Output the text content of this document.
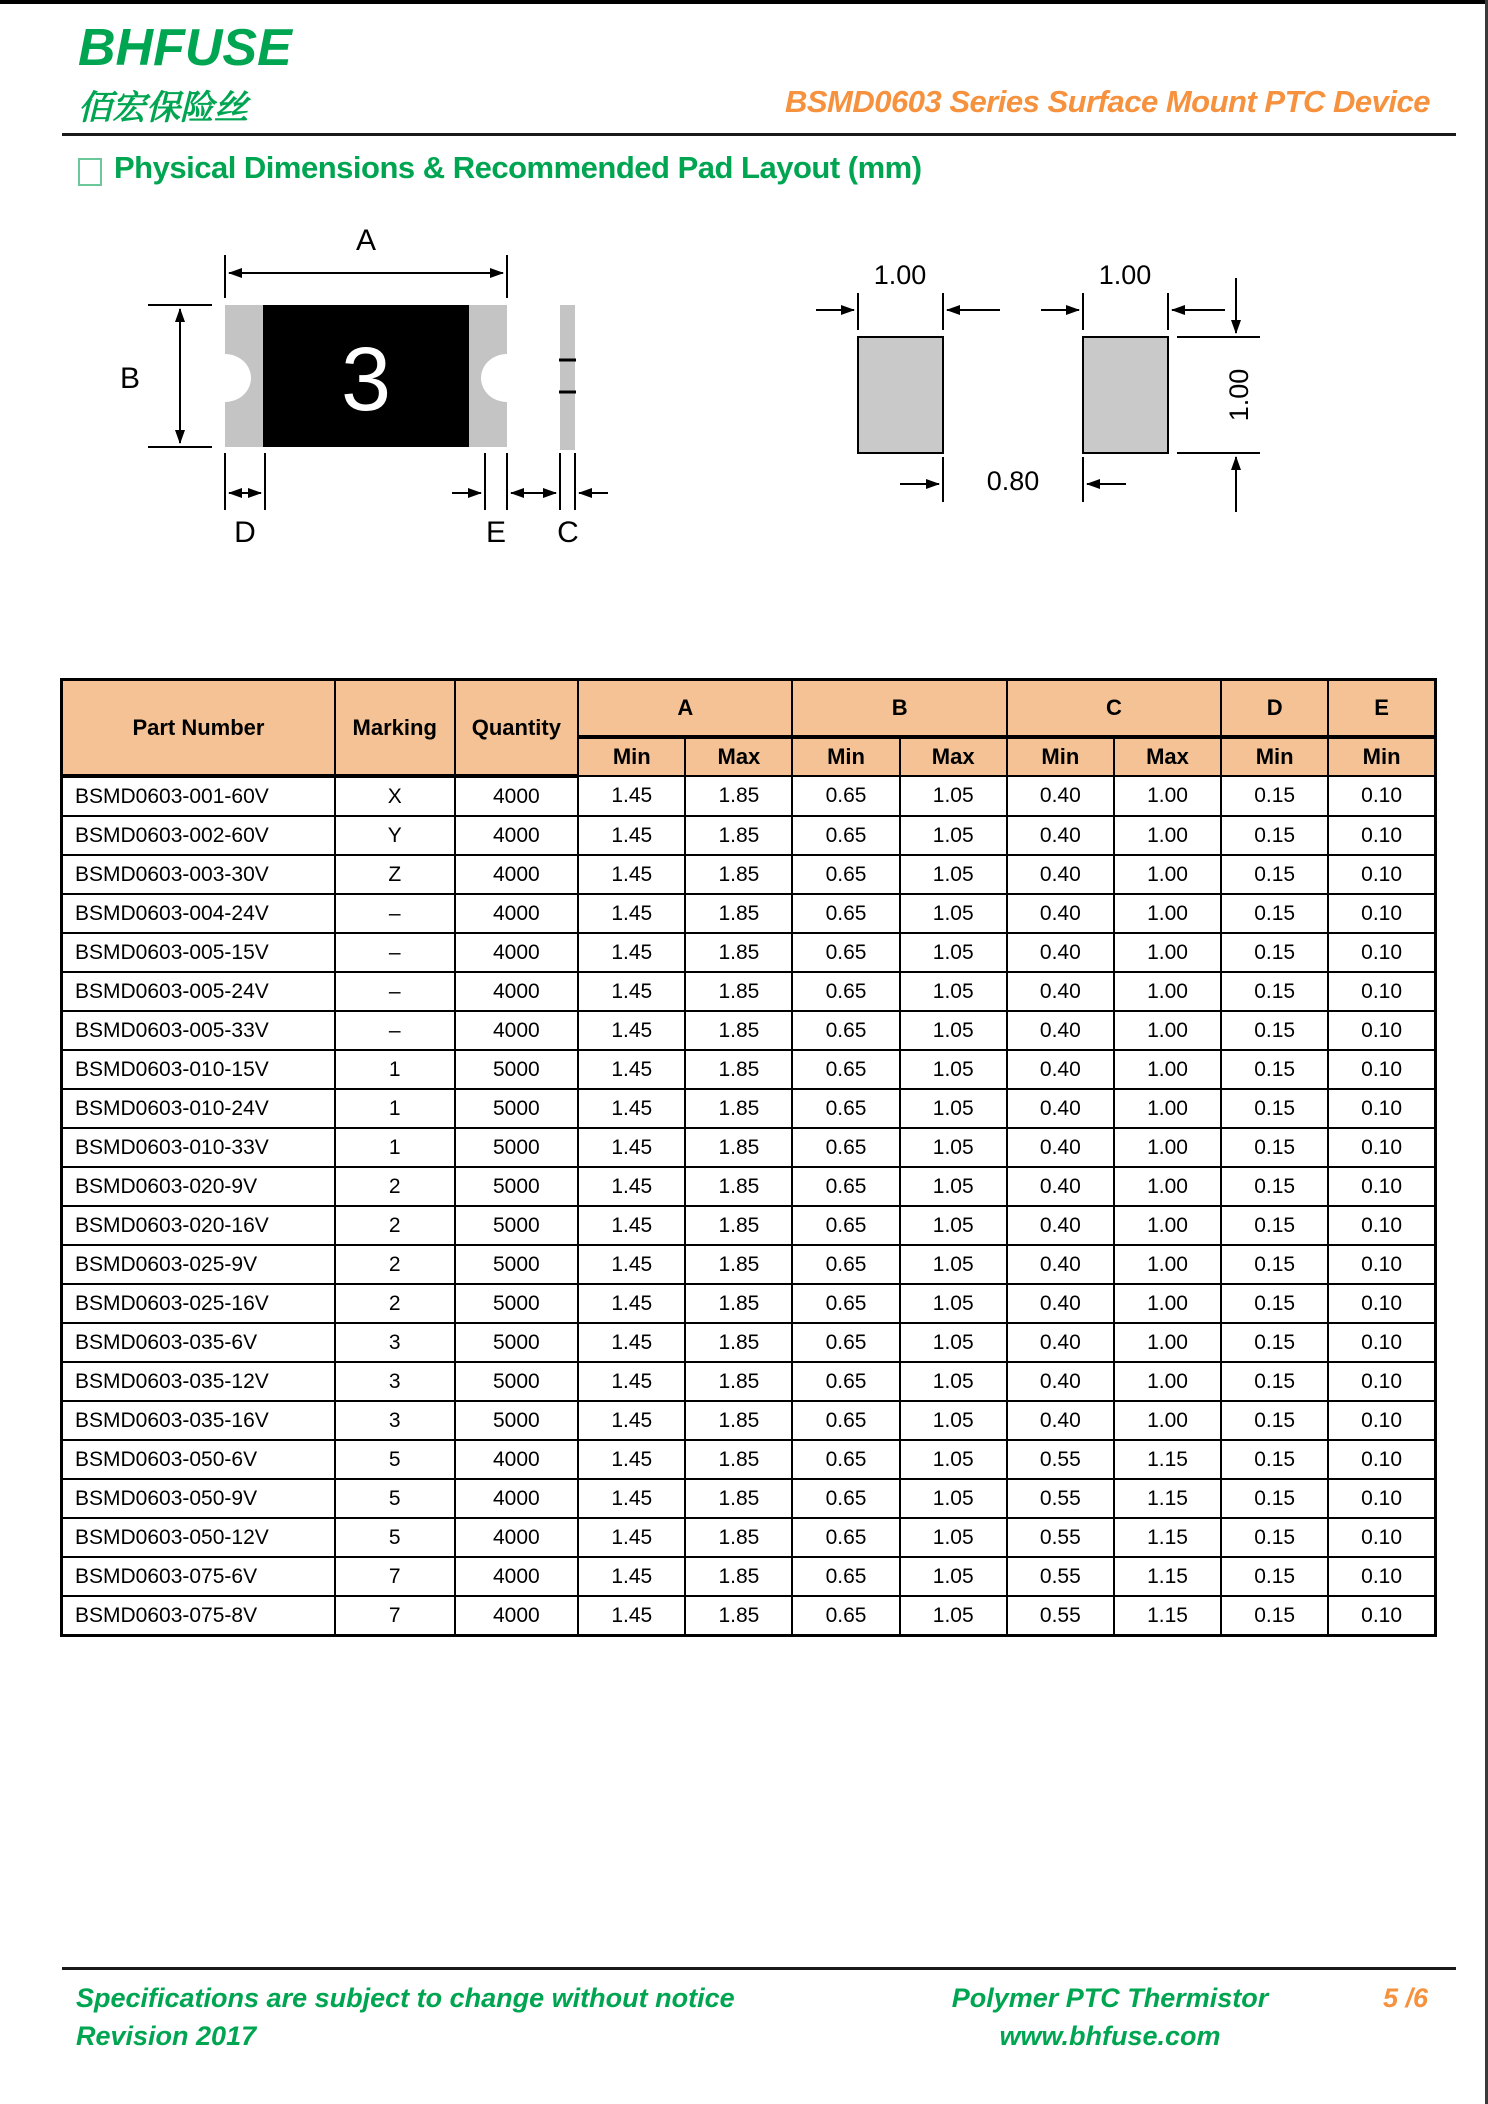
BHFUSE
佰宏保险丝	BSMD0603 Series Surface Mount PTC Device
Physical Dimensions & Recommended Pad Layout (mm)
3
A
B
D	E C
1.00	1.00
1.00
0.80
Part Number	Marking	Quantity	A		B		C		D	E
			Min	Max	Min	Max	Min	Max	Min	Min
BSMD0603-001-60V	X	4000	1.45	1.85	0.65	1.05	0.40	1.00	0.15	0.10
BSMD0603-002-60V	Y	4000	1.45	1.85	0.65	1.05	0.40	1.00	0.15	0.10
BSMD0603-003-30V	Z	4000	1.45	1.85	0.65	1.05	0.40	1.00	0.15	0.10
BSMD0603-004-24V	–	4000	1.45	1.85	0.65	1.05	0.40	1.00	0.15	0.10
BSMD0603-005-15V	–	4000	1.45	1.85	0.65	1.05	0.40	1.00	0.15	0.10
BSMD0603-005-24V	–	4000	1.45	1.85	0.65	1.05	0.40	1.00	0.15	0.10
BSMD0603-005-33V	–	4000	1.45	1.85	0.65	1.05	0.40	1.00	0.15	0.10
BSMD0603-010-15V	1	5000	1.45	1.85	0.65	1.05	0.40	1.00	0.15	0.10
BSMD0603-010-24V	1	5000	1.45	1.85	0.65	1.05	0.40	1.00	0.15	0.10
BSMD0603-010-33V	1	5000	1.45	1.85	0.65	1.05	0.40	1.00	0.15	0.10
BSMD0603-020-9V	2	5000	1.45	1.85	0.65	1.05	0.40	1.00	0.15	0.10
BSMD0603-020-16V	2	5000	1.45	1.85	0.65	1.05	0.40	1.00	0.15	0.10
BSMD0603-025-9V	2	5000	1.45	1.85	0.65	1.05	0.40	1.00	0.15	0.10
BSMD0603-025-16V	2	5000	1.45	1.85	0.65	1.05	0.40	1.00	0.15	0.10
BSMD0603-035-6V	3	5000	1.45	1.85	0.65	1.05	0.40	1.00	0.15	0.10
BSMD0603-035-12V	3	5000	1.45	1.85	0.65	1.05	0.40	1.00	0.15	0.10
BSMD0603-035-16V	3	5000	1.45	1.85	0.65	1.05	0.40	1.00	0.15	0.10
BSMD0603-050-6V	5	4000	1.45	1.85	0.65	1.05	0.55	1.15	0.15	0.10
BSMD0603-050-9V	5	4000	1.45	1.85	0.65	1.05	0.55	1.15	0.15	0.10
BSMD0603-050-12V	5	4000	1.45	1.85	0.65	1.05	0.55	1.15	0.15	0.10
BSMD0603-075-6V	7	4000	1.45	1.85	0.65	1.05	0.55	1.15	0.15	0.10
BSMD0603-075-8V	7	4000	1.45	1.85	0.65	1.05	0.55	1.15	0.15	0.10
Specifications are subject to change without notice
Revision 2017
Polymer PTC Thermistor
www.bhfuse.com
5 /6
